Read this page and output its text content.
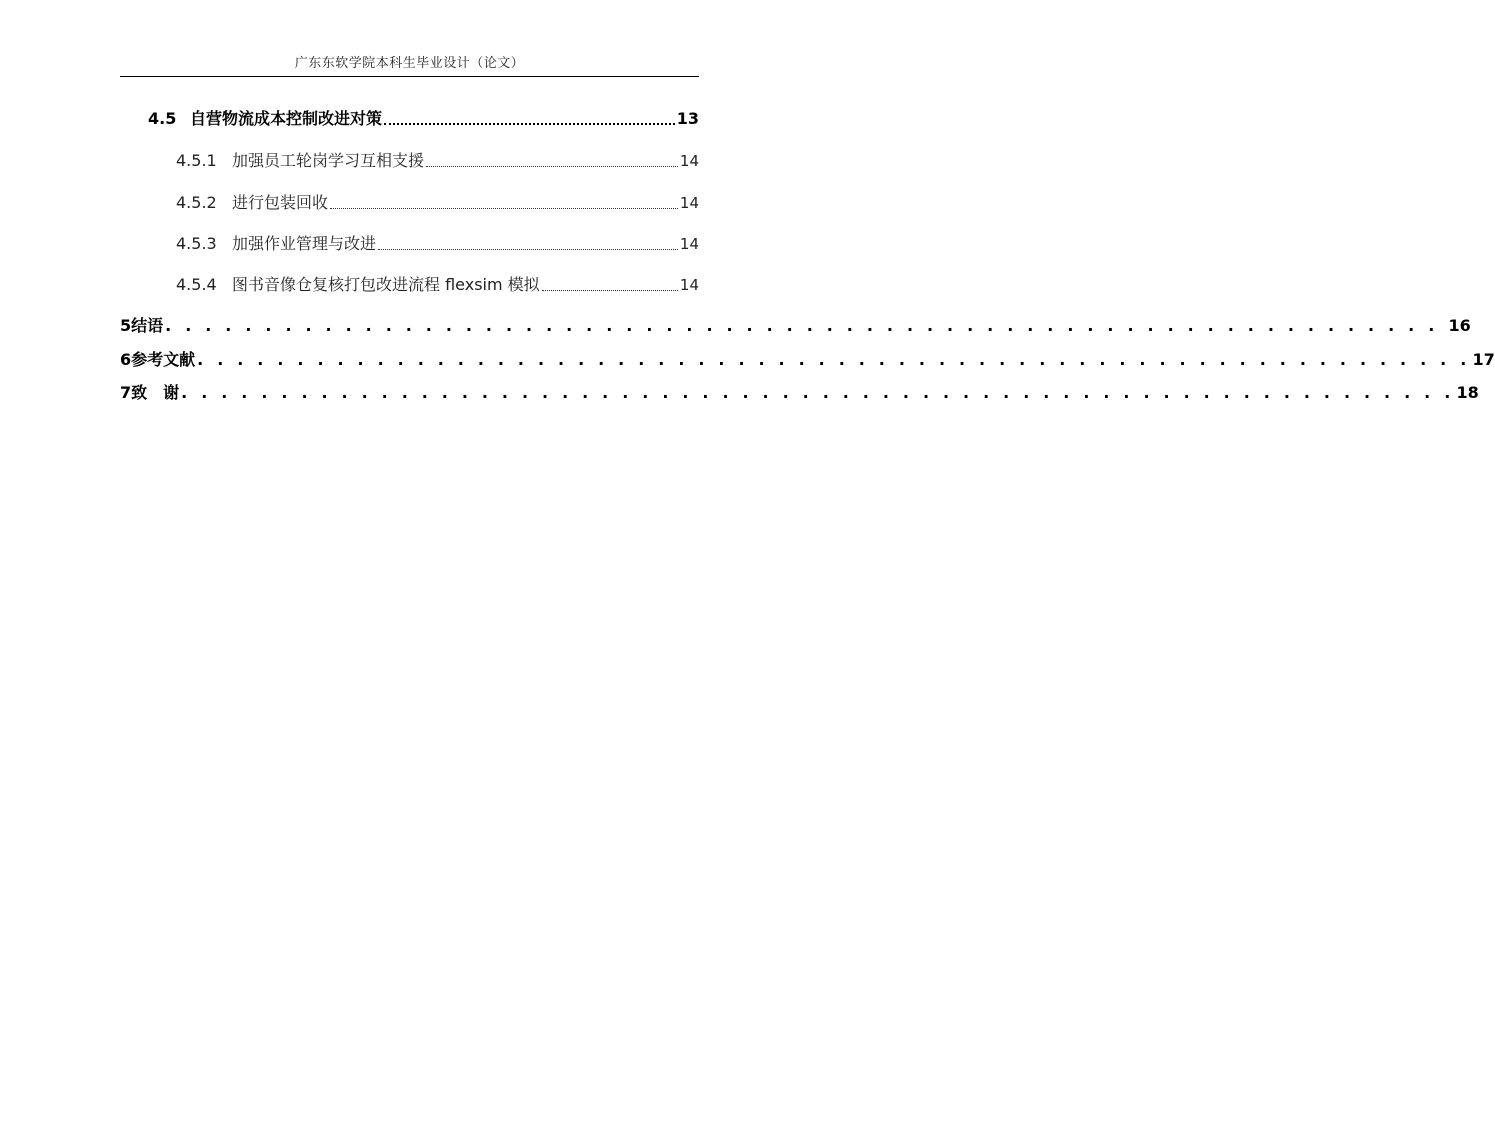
广东东软学院本科生毕业设计（论文）
4.5 自营物流成本控制改进对策	13
4.5.1 加强员工轮岗学习互相支援	14
4.5.2 进行包装回收	14
4.5.3 加强作业管理与改进	14
4.5.4 图书音像仓复核打包改进流程 flexsim 模拟	14
5 结语 . . . . . . . . . . . . . . . . . . . . . . . . . . . . . . . . . . . . . . . . . . . . . . . . . . . . . . . . . . . . . . . . 16
6 参考文献 . . . . . . . . . . . . . . . . . . . . . . . . . . . . . . . . . . . . . . . . . . . . . . . . . . . . . . . . . . . . . . . . 17
7 致　谢 . . . . . . . . . . . . . . . . . . . . . . . . . . . . . . . . . . . . . . . . . . . . . . . . . . . . . . . . . . . . . . . . 18
